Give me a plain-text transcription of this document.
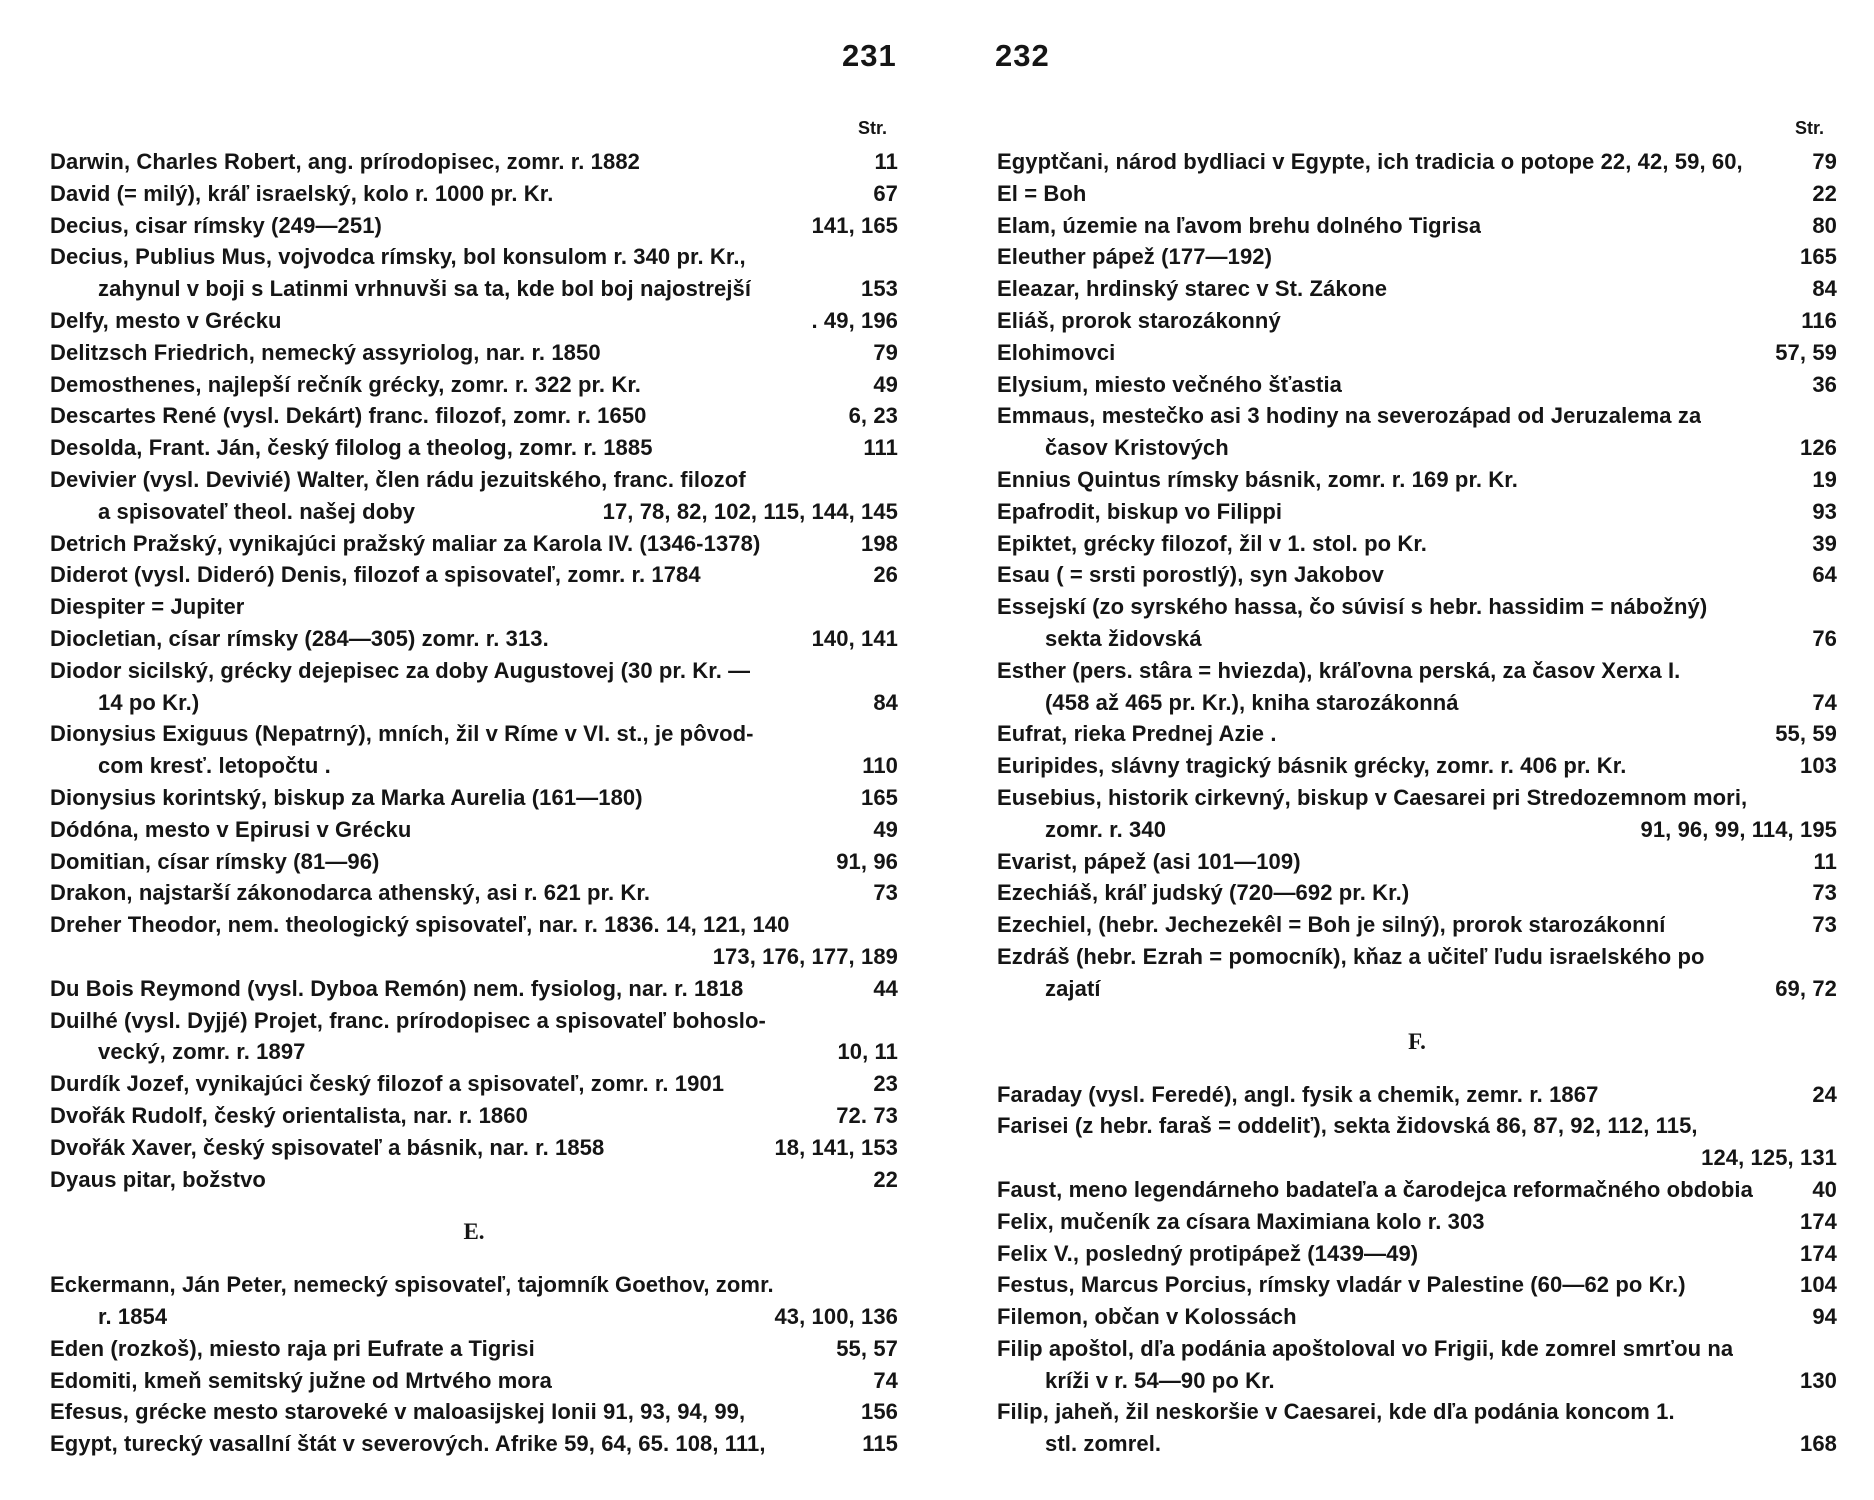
231
Str.
Darwin, Charles Robert, ang. prírodopisec, zomr. r. 1882	11
David (= milý), kráľ israelský, kolo r. 1000 pr. Kr.	67
Decius, cisar rímsky (249—251)	141, 165
Decius, Publius Mus, vojvodca rímsky, bol konsulom r. 340 pr. Kr.,
zahynul v boji s Latinmi vrhnuvši sa ta, kde bol boj najostrejší	153
Delfy, mesto v Grécku	. 49, 196
Delitzsch Friedrich, nemecký assyriolog, nar. r. 1850	79
Demosthenes, najlepší rečník grécky, zomr. r. 322 pr. Kr.	49
Descartes René (vysl. Dekárt) franc. filozof, zomr. r. 1650	6, 23
Desolda, Frant. Ján, český filolog a theolog, zomr. r. 1885	111
Devivier (vysl. Devivié) Walter, člen rádu jezuitského, franc. filozof
a spisovateľ theol. našej doby	17, 78, 82, 102, 115, 144, 145
Detrich Pražský, vynikajúci pražský maliar za Karola IV. (1346-1378)	198
Diderot (vysl. Dideró) Denis, filozof a spisovateľ, zomr. r. 1784	26
Diespiter = Jupiter
Diocletian, císar rímsky (284—305) zomr. r. 313.	140, 141
Diodor sicilský, grécky dejepisec za doby Augustovej (30 pr. Kr. —
14 po Kr.)	84
Dionysius Exiguus (Nepatrný), mních, žil v Ríme v VI. st., je pôvod-
com kresť. letopočtu .	110
Dionysius korintský, biskup za Marka Aurelia (161—180)	165
Dódóna, mesto v Epirusi v Grécku	49
Domitian, císar rímsky (81—96)	91, 96
Drakon, najstarší zákonodarca athenský, asi r. 621 pr. Kr.	73
Dreher Theodor, nem. theologický spisovateľ, nar. r. 1836. 14, 121, 140
173, 176, 177, 189
Du Bois Reymond (vysl. Dyboa Remón) nem. fysiolog, nar. r. 1818	44
Duilhé (vysl. Dyjjé) Projet, franc. prírodopisec a spisovateľ bohoslo-
vecký, zomr. r. 1897	10, 11
Durdík Jozef, vynikajúci český filozof a spisovateľ, zomr. r. 1901	23
Dvořák Rudolf, český orientalista, nar. r. 1860	72. 73
Dvořák Xaver, český spisovateľ a básnik, nar. r. 1858	18, 141, 153
Dyaus pitar, božstvo	22
E.
Eckermann, Ján Peter, nemecký spisovateľ, tajomník Goethov, zomr.
r. 1854	43, 100, 136
Eden (rozkoš), miesto raja pri Eufrate a Tigrisi	55, 57
Edomiti, kmeň semitský južne od Mrtvého mora	74
Efesus, grécke mesto staroveké v maloasijskej Ionii 91, 93, 94, 99,	156
Egypt, turecký vasallní štát v severových. Afrike 59, 64, 65. 108, 111,	115
232
Str.
Egyptčani, národ bydliaci v Egypte, ich tradicia o potope 22, 42, 59, 60,	79
El = Boh	22
Elam, územie na ľavom brehu dolného Tigrisa	80
Eleuther pápež (177—192)	165
Eleazar, hrdinský starec v St. Zákone	84
Eliáš, prorok starozákonný	116
Elohimovci	57, 59
Elysium, miesto večného šťastia	36
Emmaus, mestečko asi 3 hodiny na severozápad od Jeruzalema za
časov Kristových	126
Ennius Quintus rímsky básnik, zomr. r. 169 pr. Kr.	19
Epafrodit, biskup vo Filippi	93
Epiktet, grécky filozof, žil v 1. stol. po Kr.	39
Esau ( = srsti porostlý), syn Jakobov	64
Essejskí (zo syrského hassa, čo súvisí s hebr. hassidim = nábožný)
sekta židovská	76
Esther (pers. stâra = hviezda), kráľovna perská, za časov Xerxa I.
(458 až 465 pr. Kr.), kniha starozákonná	74
Eufrat, rieka Prednej Azie .	55, 59
Euripides, slávny tragický básnik grécky, zomr. r. 406 pr. Kr.	103
Eusebius, historik cirkevný, biskup v Caesarei pri Stredozemnom mori,
zomr. r. 340	91, 96, 99, 114, 195
Evarist, pápež (asi 101—109)	11
Ezechiáš, kráľ judský (720—692 pr. Kr.)	73
Ezechiel, (hebr. Jechezekêl = Boh je silný), prorok starozákonní	73
Ezdráš (hebr. Ezrah = pomocník), kňaz a učiteľ ľudu israelského po
zajatí	69, 72
F.
Faraday (vysl. Feredé), angl. fysik a chemik, zemr. r. 1867	24
Farisei (z hebr. faraš = oddeliť), sekta židovská 86, 87, 92, 112, 115,
124, 125, 131
Faust, meno legendárneho badateľa a čarodejca reformačného obdobia	40
Felix, mučeník za císara Maximiana kolo r. 303	174
Felix V., posledný protipápež (1439—49)	174
Festus, Marcus Porcius, rímsky vladár v Palestine (60—62 po Kr.)	104
Filemon, občan v Kolossách	94
Filip apoštol, dľa podánia apoštoloval vo Frigii, kde zomrel smrťou na
kríži v r. 54—90 po Kr.	130
Filip, jaheň, žil neskoršie v Caesarei, kde dľa podánia koncom 1.
stl. zomrel.	168
